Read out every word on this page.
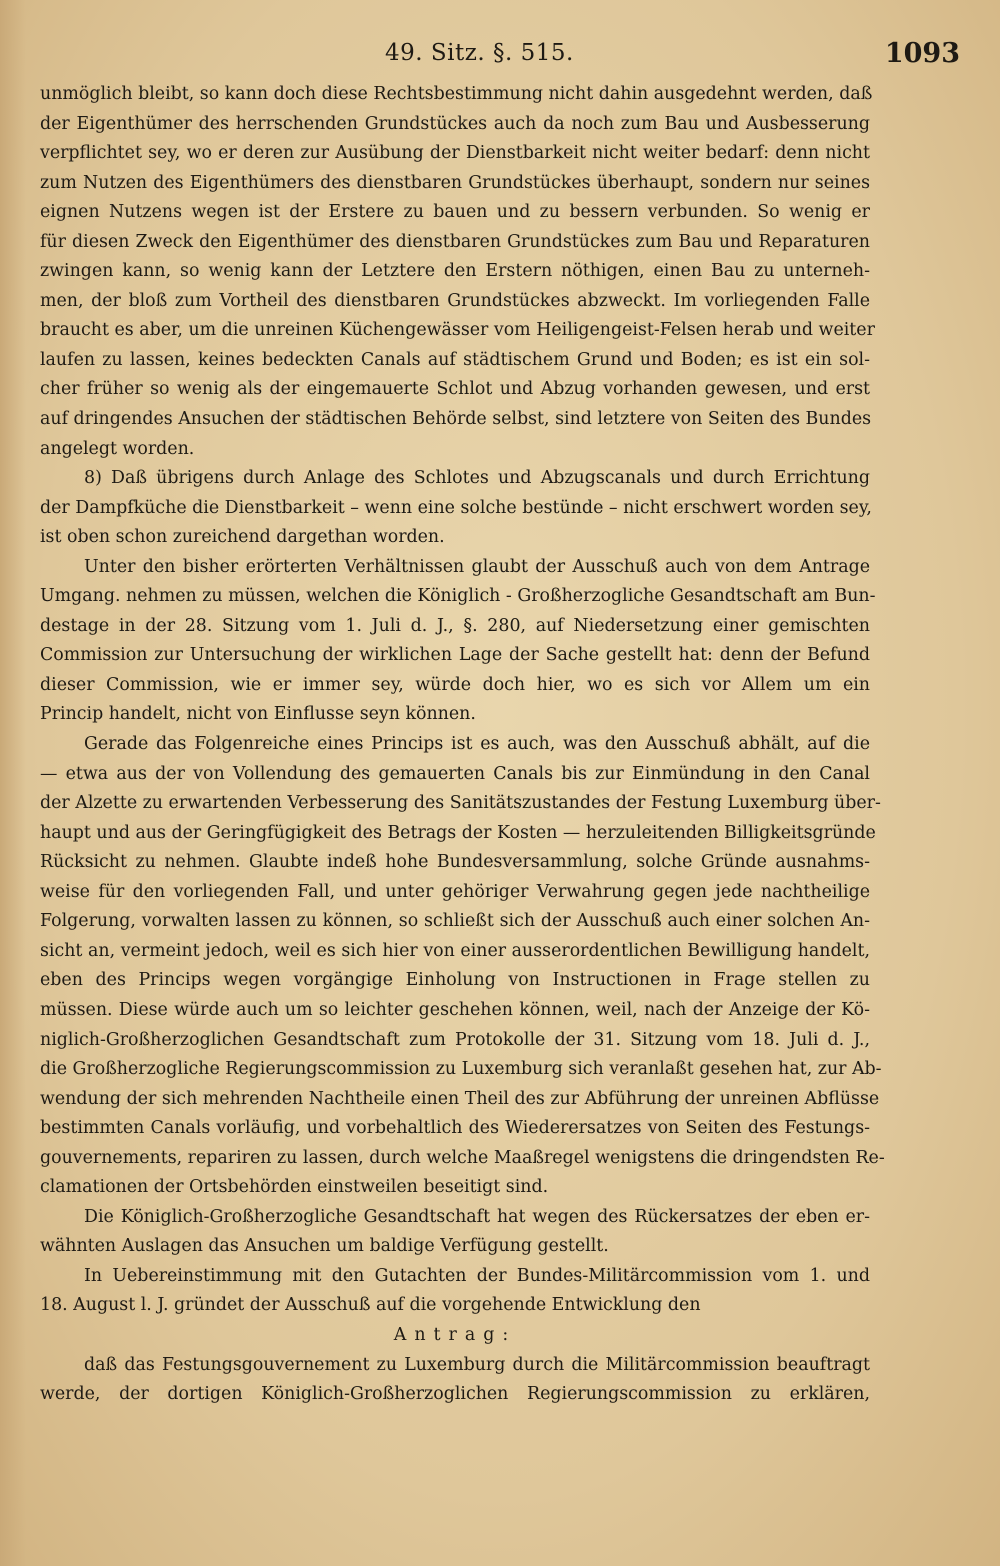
49. Sitz. §. 515.	1093
unmöglich bleibt, so kann doch diese Rechtsbestimmung nicht dahin ausgedehnt werden, daß
der Eigenthümer des herrschenden Grundstückes auch da noch zum Bau und Ausbesserung
verpflichtet sey, wo er deren zur Ausübung der Dienstbarkeit nicht weiter bedarf: denn nicht
zum Nutzen des Eigenthümers des dienstbaren Grundstückes überhaupt, sondern nur seines
eignen Nutzens wegen ist der Erstere zu bauen und zu bessern verbunden. So wenig er
für diesen Zweck den Eigenthümer des dienstbaren Grundstückes zum Bau und Reparaturen
zwingen kann, so wenig kann der Letztere den Erstern nöthigen, einen Bau zu unterneh-
men, der bloß zum Vortheil des dienstbaren Grundstückes abzweckt. Im vorliegenden Falle
braucht es aber, um die unreinen Küchengewässer vom Heiligengeist-Felsen herab und weiter
laufen zu lassen, keines bedeckten Canals auf städtischem Grund und Boden; es ist ein sol-
cher früher so wenig als der eingemauerte Schlot und Abzug vorhanden gewesen, und erst
auf dringendes Ansuchen der städtischen Behörde selbst, sind letztere von Seiten des Bundes
angelegt worden.
8) Daß übrigens durch Anlage des Schlotes und Abzugscanals und durch Errichtung
der Dampfküche die Dienstbarkeit – wenn eine solche bestünde – nicht erschwert worden sey,
ist oben schon zureichend dargethan worden.
Unter den bisher erörterten Verhältnissen glaubt der Ausschuß auch von dem Antrage
Umgang. nehmen zu müssen, welchen die Königlich - Großherzogliche Gesandtschaft am Bun-
destage in der 28. Sitzung vom 1. Juli d. J., §. 280, auf Niedersetzung einer gemischten
Commission zur Untersuchung der wirklichen Lage der Sache gestellt hat: denn der Befund
dieser Commission, wie er immer sey, würde doch hier, wo es sich vor Allem um ein
Princip handelt, nicht von Einflusse seyn können.
Gerade das Folgenreiche eines Princips ist es auch, was den Ausschuß abhält, auf die
— etwa aus der von Vollendung des gemauerten Canals bis zur Einmündung in den Canal
der Alzette zu erwartenden Verbesserung des Sanitätszustandes der Festung Luxemburg über-
haupt und aus der Geringfügigkeit des Betrags der Kosten — herzuleitenden Billigkeitsgründe
Rücksicht zu nehmen. Glaubte indeß hohe Bundesversammlung, solche Gründe ausnahms-
weise für den vorliegenden Fall, und unter gehöriger Verwahrung gegen jede nachtheilige
Folgerung, vorwalten lassen zu können, so schließt sich der Ausschuß auch einer solchen An-
sicht an, vermeint jedoch, weil es sich hier von einer ausserordentlichen Bewilligung handelt,
eben des Princips wegen vorgängige Einholung von Instructionen in Frage stellen zu
müssen. Diese würde auch um so leichter geschehen können, weil, nach der Anzeige der Kö-
niglich-Großherzoglichen Gesandtschaft zum Protokolle der 31. Sitzung vom 18. Juli d. J.,
die Großherzogliche Regierungscommission zu Luxemburg sich veranlaßt gesehen hat, zur Ab-
wendung der sich mehrenden Nachtheile einen Theil des zur Abführung der unreinen Abflüsse
bestimmten Canals vorläufig, und vorbehaltlich des Wiederersatzes von Seiten des Festungs-
gouvernements, repariren zu lassen, durch welche Maaßregel wenigstens die dringendsten Re-
clamationen der Ortsbehörden einstweilen beseitigt sind.
Die Königlich-Großherzogliche Gesandtschaft hat wegen des Rückersatzes der eben er-
wähnten Auslagen das Ansuchen um baldige Verfügung gestellt.
In Uebereinstimmung mit den Gutachten der Bundes-Militärcommission vom 1. und
18. August l. J. gründet der Ausschuß auf die vorgehende Entwicklung den
Antrag:
daß das Festungsgouvernement zu Luxemburg durch die Militärcommission beauftragt
werde, der dortigen Königlich-Großherzoglichen Regierungscommission zu erklären,
